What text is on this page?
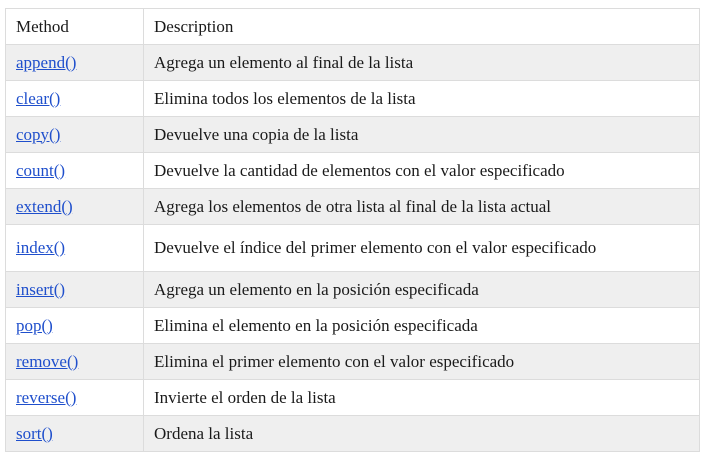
Method	Description
append()	Agrega un elemento al final de la lista
clear()	Elimina todos los elementos de la lista
copy()	Devuelve una copia de la lista
count()	Devuelve la cantidad de elementos con el valor especificado
extend()	Agrega los elementos de otra lista al final de la lista actual
index()	Devuelve el índice del primer elemento con el valor especificado
insert()	Agrega un elemento en la posición especificada
pop()	Elimina el elemento en la posición especificada
remove()	Elimina el primer elemento con el valor especificado
reverse()	Invierte el orden de la lista
sort()	Ordena la lista
